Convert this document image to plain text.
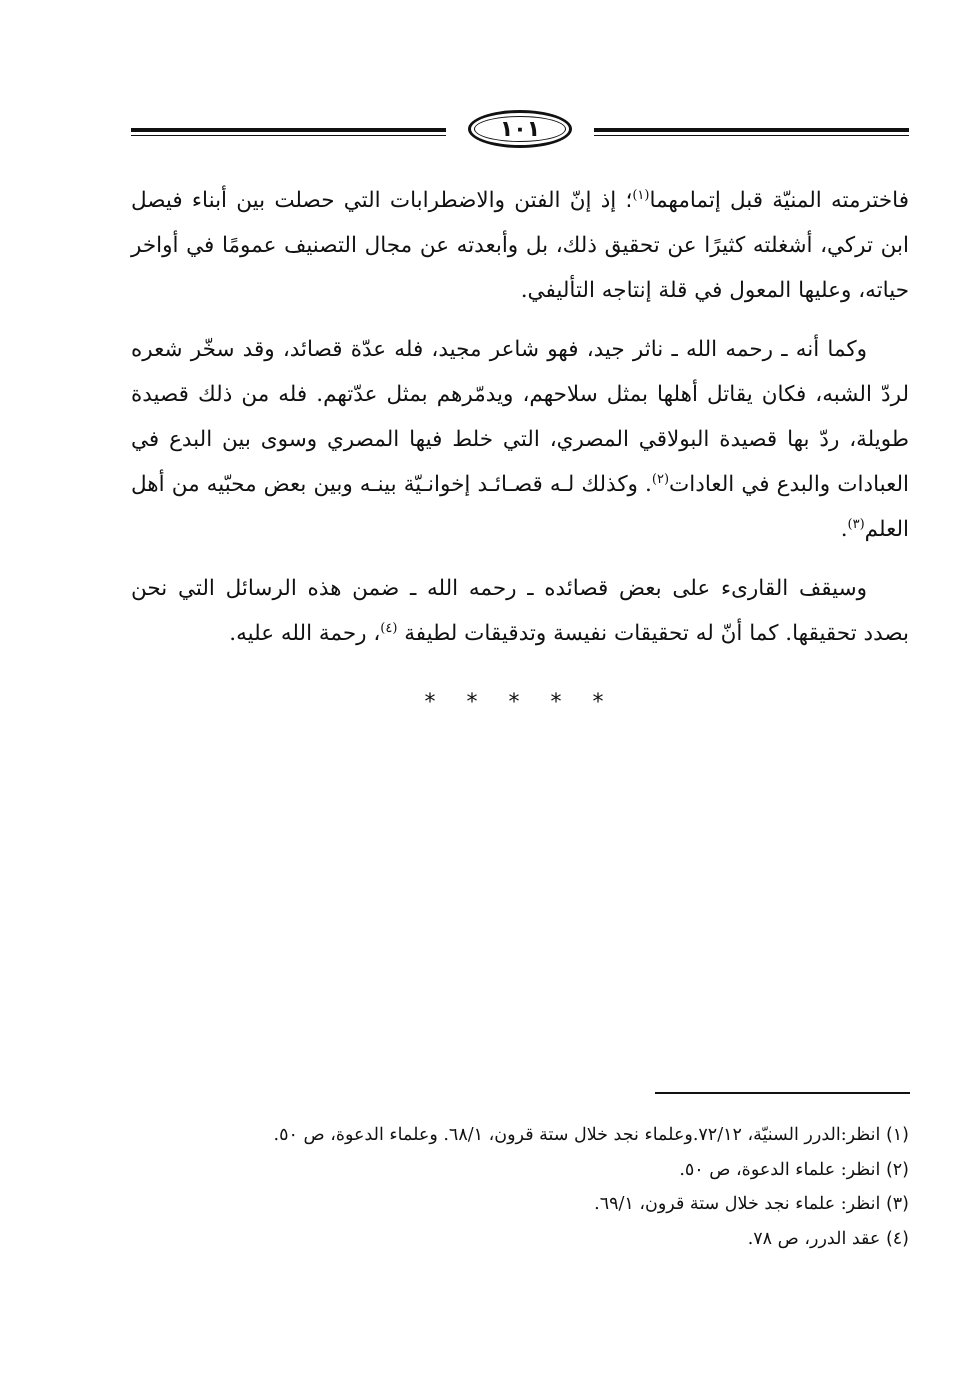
١٠١

فاخترمته المنيّة قبل إتمامهما$^{(١)}$؛ إذ إنّ الفتن والاضطرابات التي حصلت بين أبناء فيصل ابن تركي، أشغلته كثيرًا عن تحقيق ذلك، بل وأبعدته عن مجال التصنيف عمومًا في أواخر حياته، وعليها المعول في قلة إنتاجه التأليفي.

وكما أنه ـ رحمه الله ـ ناثر جيد، فهو شاعر مجيد، فله عدّة قصائد، وقد سخّر شعره لردّ الشبه، فكان يقاتل أهلها بمثل سلاحهم، ويدمّرهم بمثل عدّتهم. فله من ذلك قصيدة طويلة، ردّ بها قصيدة البولاقي المصري، التي خلط فيها المصري وسوى بين البدع في العبادات والبدع في العادات$^{(٢)}$. وكذلك لـه قصـائـد إخوانـيّة بينـه وبين بعض محبّيه من أهل العلم$^{(٣)}$.

وسيقف القارىء على بعض قصائده ـ رحمه الله ـ ضمن هذه الرسائل التي نحن بصدد تحقيقها. كما أنّ له تحقيقات نفيسة وتدقيقات لطيفة $^{(٤)}$، رحمة الله عليه.

* * * * *

(١) انظر:الدرر السنيّة، ٧٢/١٢.وعلماء نجد خلال ستة قرون، ٦٨/١. وعلماء الدعوة، ص ٥٠.

(٢) انظر: علماء الدعوة، ص ٥٠.

(٣) انظر: علماء نجد خلال ستة قرون، ٦٩/١.

(٤) عقد الدرر، ص ٧٨.
